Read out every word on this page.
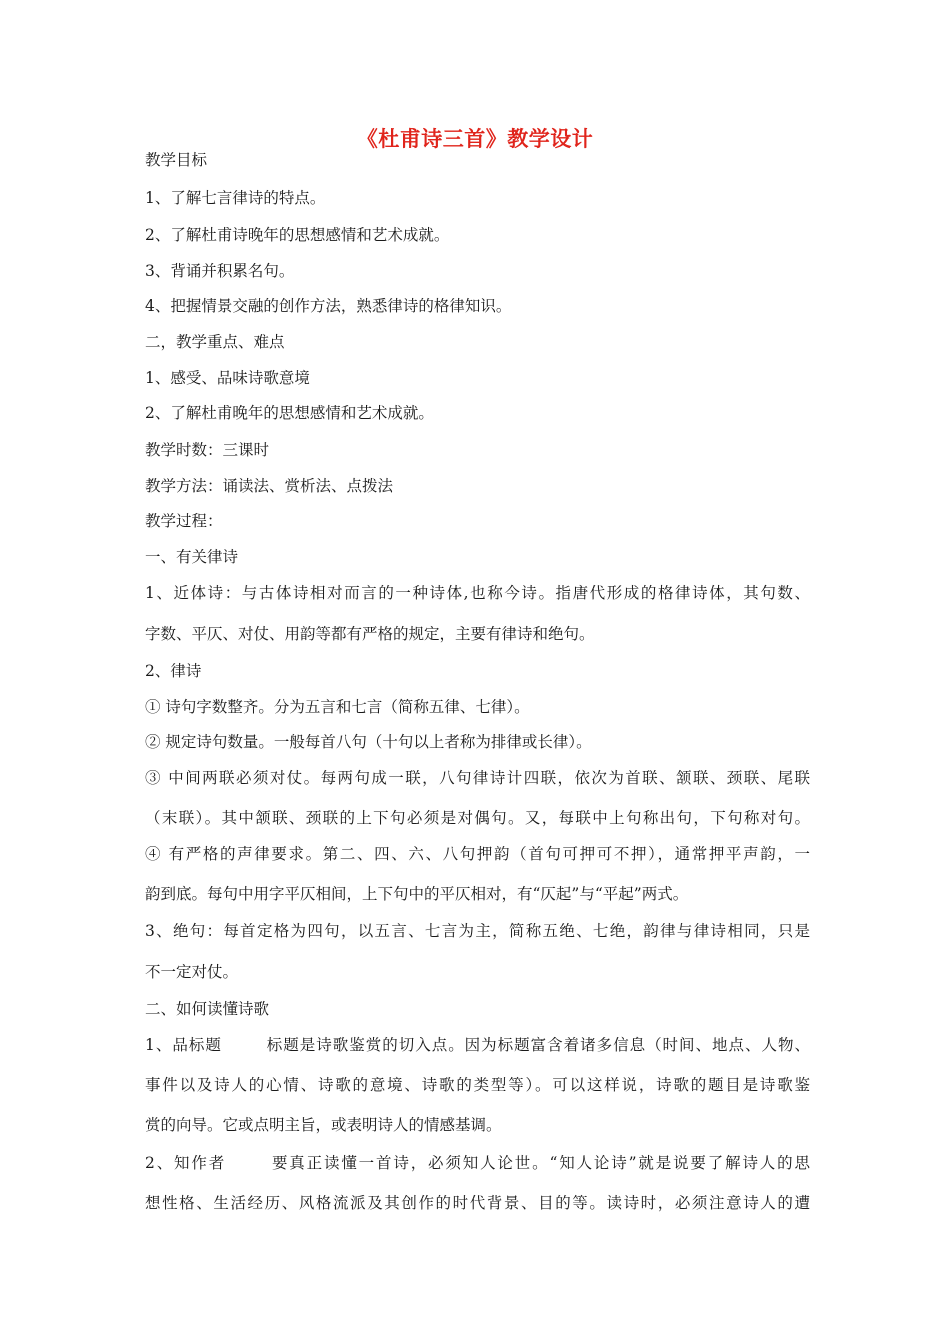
《杜甫诗三首》教学设计
教学目标
1、了解七言律诗的特点。
2、了解杜甫诗晚年的思想感情和艺术成就。
3、背诵并积累名句。
4、把握情景交融的创作方法，熟悉律诗的格律知识。
二，教学重点、难点
1、感受、品味诗歌意境
2、了解杜甫晚年的思想感情和艺术成就。
教学时数：三课时
教学方法：诵读法、赏析法、点拨法
教学过程：
一、有关律诗
1、近体诗：与古体诗相对而言的一种诗体,也称今诗。指唐代形成的格律诗体，其句数、
字数、平仄、对仗、用韵等都有严格的规定，主要有律诗和绝句。
2、律诗
① 诗句字数整齐。分为五言和七言（简称五律、七律）。
② 规定诗句数量。一般每首八句（十句以上者称为排律或长律）。
③ 中间两联必须对仗。每两句成一联，八句律诗计四联，依次为首联、颔联、颈联、尾联
（末联）。其中颔联、颈联的上下句必须是对偶句。又，每联中上句称出句，下句称对句。
④ 有严格的声律要求。第二、四、六、八句押韵（首句可押可不押），通常押平声韵，一
韵到底。每句中用字平仄相间，上下句中的平仄相对，有“仄起”与“平起”两式。
3、绝句：每首定格为四句，以五言、七言为主，简称五绝、七绝，韵律与律诗相同，只是
不一定对仗。
二、如何读懂诗歌
1、品标题	标题是诗歌鉴赏的切入点。因为标题富含着诸多信息（时间、地点、人物、
事件以及诗人的心情、诗歌的意境、诗歌的类型等）。可以这样说，诗歌的题目是诗歌鉴
赏的向导。它或点明主旨，或表明诗人的情感基调。
2、知作者	要真正读懂一首诗，必须知人论世。“知人论诗”就是说要了解诗人的思
想性格、生活经历、风格流派及其创作的时代背景、目的等。读诗时，必须注意诗人的遭
